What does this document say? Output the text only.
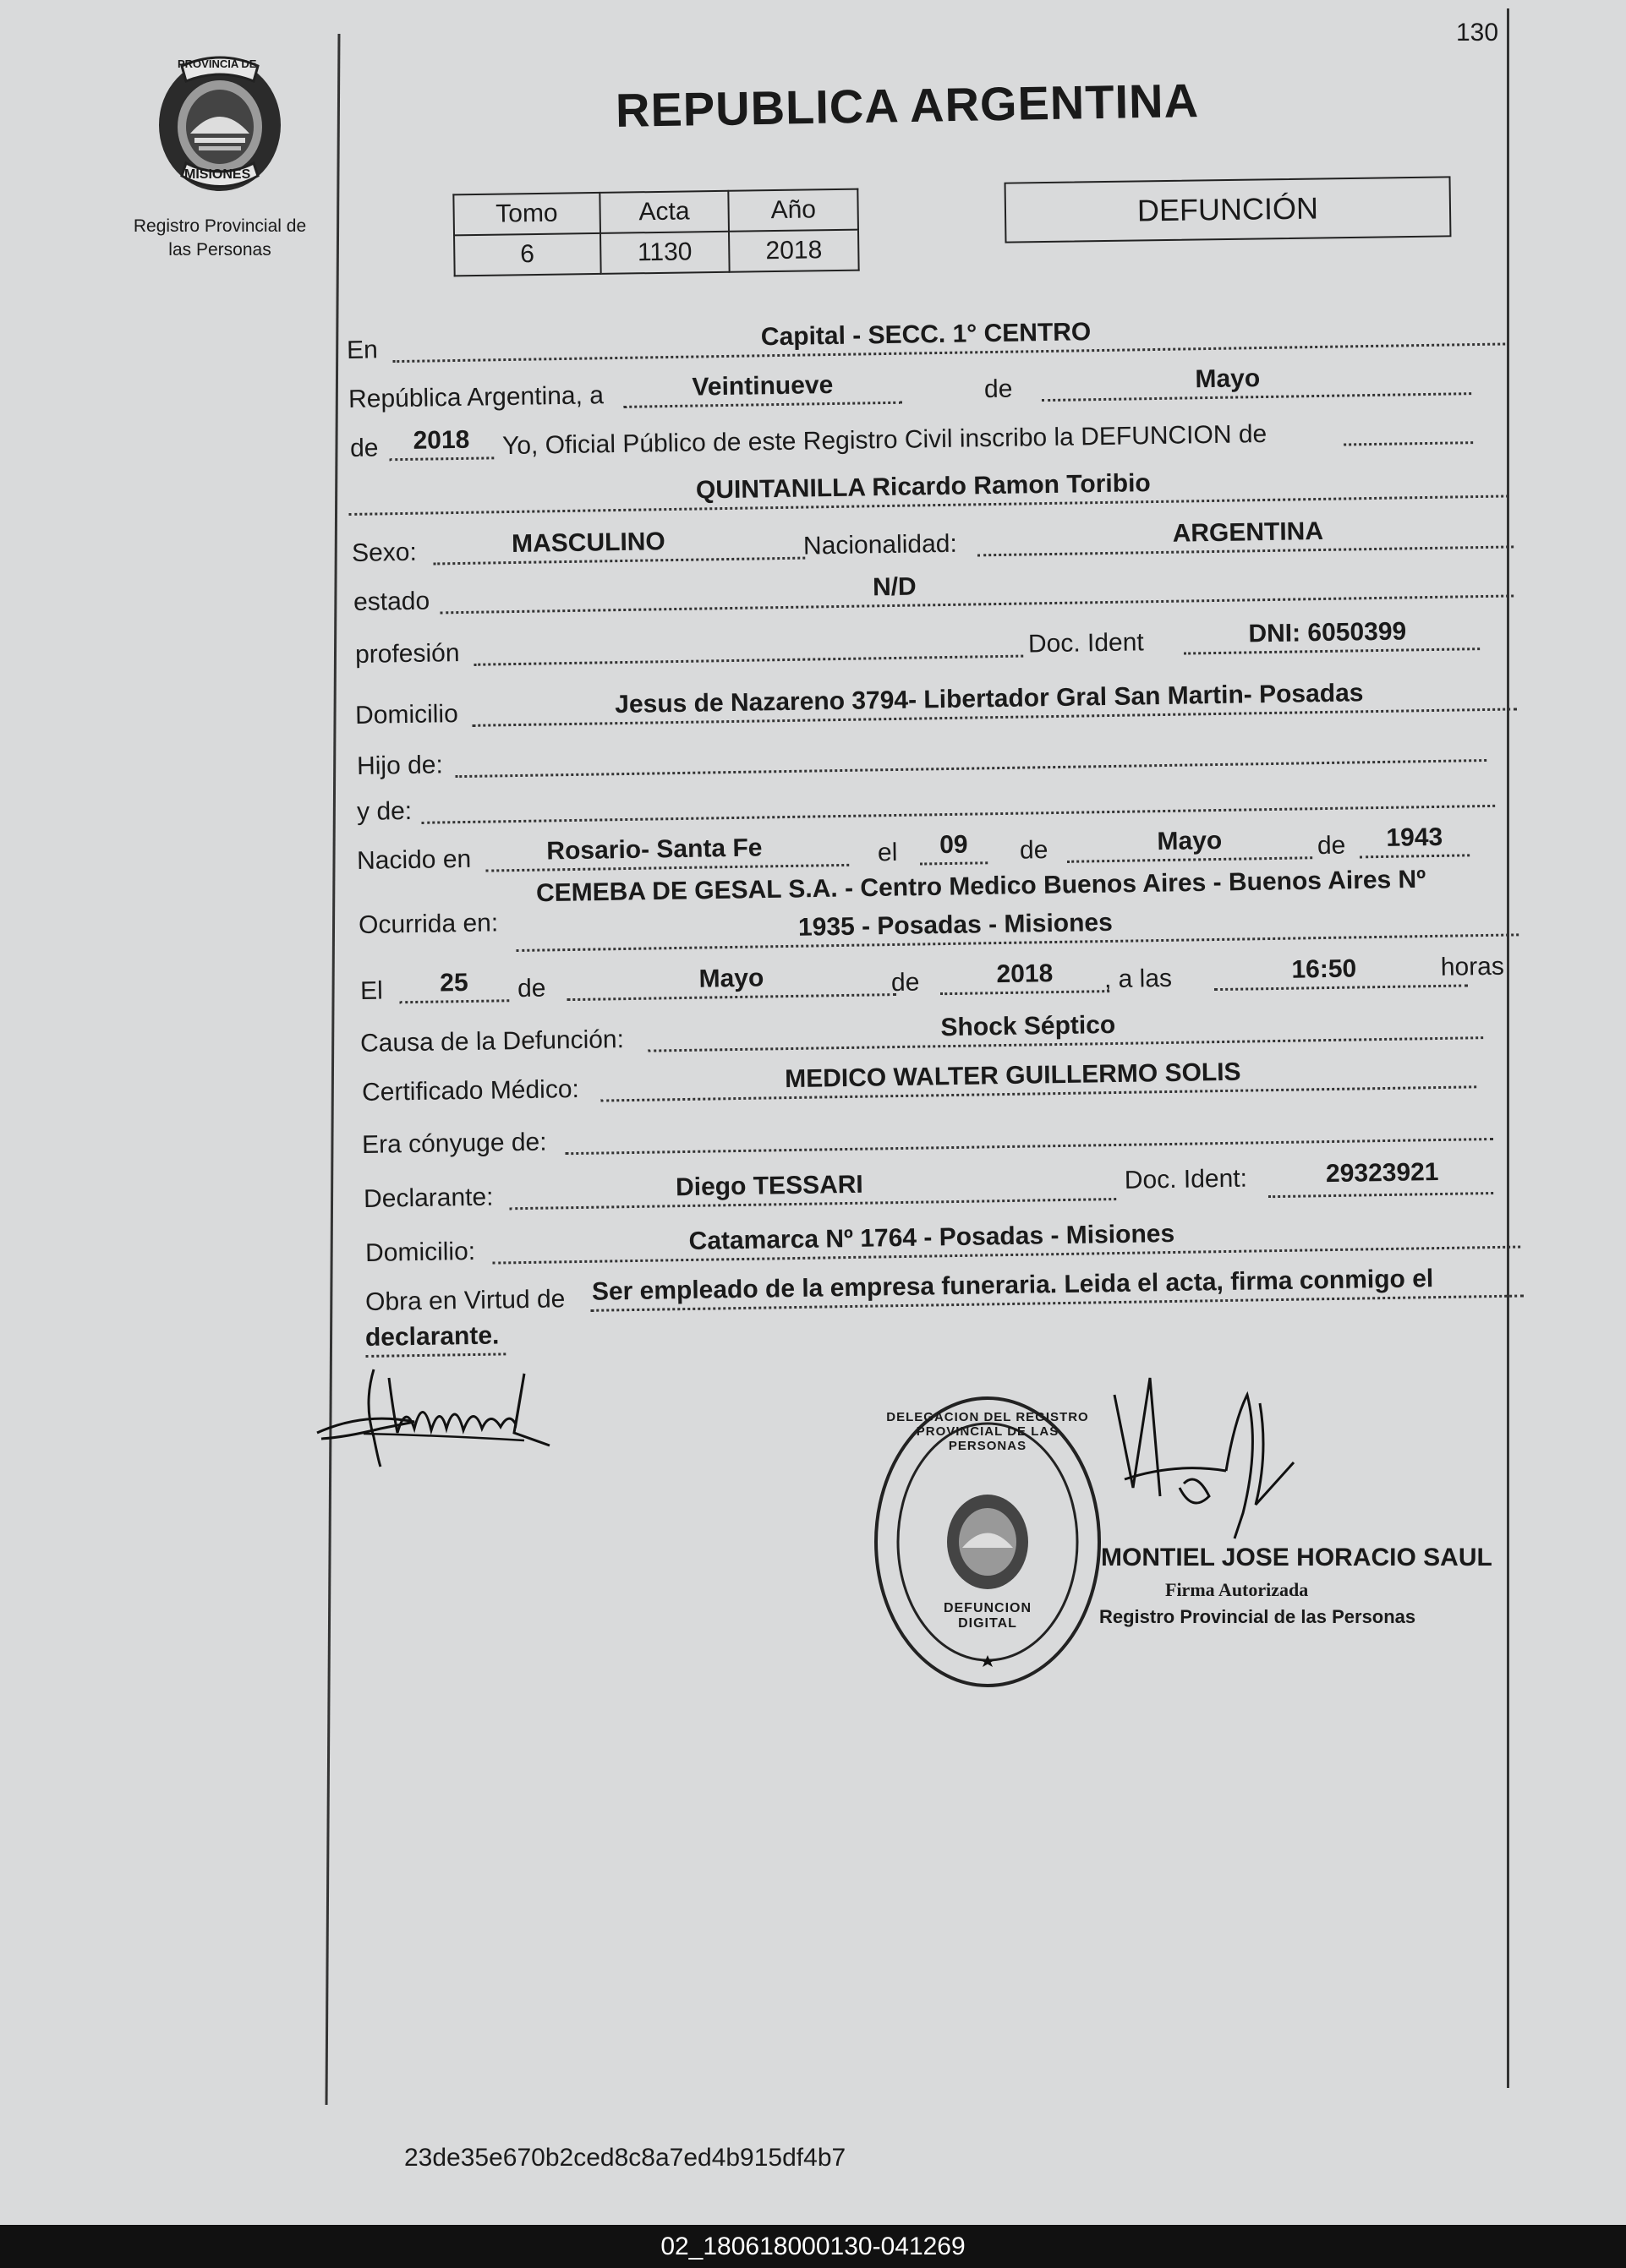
130
PROVINCIA DE
MISIONES
Registro Provincial de
las Personas
REPUBLICA ARGENTINA
Tomo	Acta	Año
6	1130	2018
DEFUNCIÓN
En	Capital - SECC. 1° CENTRO
República Argentina, a	Veintinueve	de	Mayo
de	2018	Yo, Oficial Público de este Registro Civil inscribo la DEFUNCION de
QUINTANILLA Ricardo Ramon Toribio
Sexo:	MASCULINO	Nacionalidad:	ARGENTINA
estado
N/D
profesión	Doc. Ident	DNI: 6050399
Domicilio	Jesus de Nazareno 3794- Libertador Gral San Martin- Posadas
Hijo de:
y de:
Nacido en	Rosario- Santa Fe	el	09	de	Mayo	de	1943
Ocurrida en:
CEMEBA DE GESAL S.A. - Centro Medico Buenos Aires - Buenos Aires Nº
1935 - Posadas - Misiones
El	25	de	Mayo	de	2018	, a las	16:50	horas
Causa de la Defunción:	Shock Séptico
Certificado Médico:	MEDICO WALTER GUILLERMO SOLIS
Era cónyuge de:
Declarante:	Diego TESSARI	Doc. Ident:	29323921
Domicilio:	Catamarca Nº 1764 - Posadas - Misiones
Obra en Virtud de Ser empleado de la empresa funeraria. Leida el acta, firma conmigo el
declarante.
DELEGACION DEL REGISTRO PROVINCIAL DE LAS PERSONAS
DEFUNCION DIGITAL
MONTIEL JOSE HORACIO SAUL
Firma Autorizada
Registro Provincial de las Personas
23de35e670b2ced8c8a7ed4b915df4b7
02_180618000130-041269
